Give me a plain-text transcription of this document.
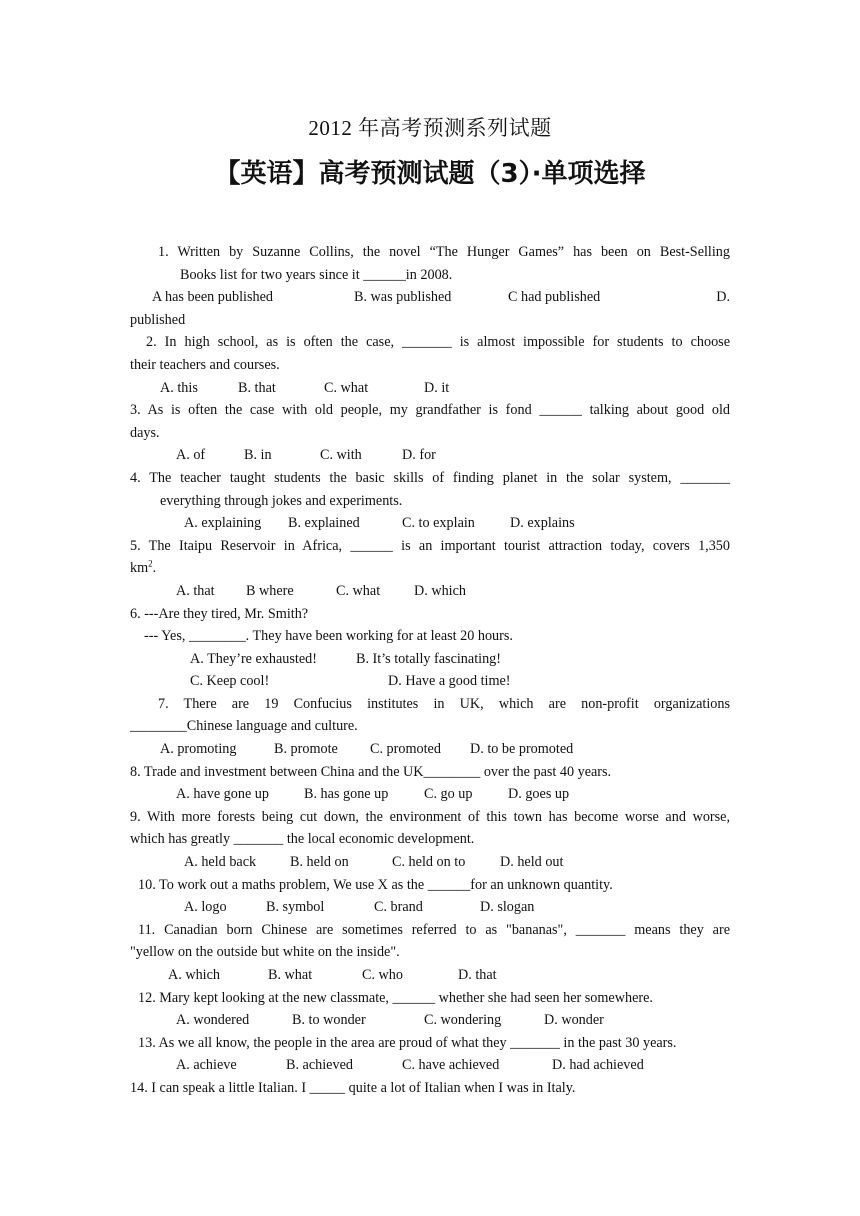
2012 年高考预测系列试题
【英语】高考预测试题（3）·单项选择
1. Written by Suzanne Collins, the novel “The Hunger Games” has been on Best-Selling
Books list for two years since it ______in 2008.
A has been published	B. was published	C had published	D.
published
2. In high school, as is often the case, _______ is almost impossible for students to choose
their teachers and courses.
A. this	B. that	C. what	D. it
3. As is often the case with old people, my grandfather is fond ______ talking about good old
days.
A. of	B. in	C. with	D. for
4. The teacher taught students the basic skills of finding planet in the solar system, _______
everything through jokes and experiments.
A. explaining B. explained	C. to explain D. explains
5. The Itaipu Reservoir in Africa, ______ is an important tourist attraction today, covers 1,350
$km^2$.
A. that B where	C. what D. which
6. ---Are they tired, Mr. Smith?
--- Yes, ________. They have been working for at least 20 hours.
A. They’re exhausted!	B. It’s totally fascinating!
C. Keep cool!	D. Have a good time!
7. There are 19 Confucius institutes in UK, which are non-profit organizations
________Chinese language and culture.
A. promoting	B. promote C. promoted D. to be promoted
8. Trade and investment between China and the UK________ over the past 40 years.
A. have gone up B. has gone up	C. go up	D. goes up
9. With more forests being cut down, the environment of this town has become worse and worse,
which has greatly _______ the local economic development.
A. held back B. held on	C. held on to D. held out
10. To work out a maths problem, We use X as the ______for an unknown quantity.
A. logo	B. symbol	C. brand	D. slogan
11. Canadian born Chinese are sometimes referred to as "bananas", _______ means they are
"yellow on the outside but white on the inside".
A. which	B. what	C. who	D. that
12. Mary kept looking at the new classmate, ______ whether she had seen her somewhere.
A. wondered	B. to wonder	C. wondering	D. wonder
13. As we all know, the people in the area are proud of what they _______ in the past 30 years.
A. achieve	B. achieved	C. have achieved	D. had achieved
14. I can speak a little Italian. I _____ quite a lot of Italian when I was in Italy.
